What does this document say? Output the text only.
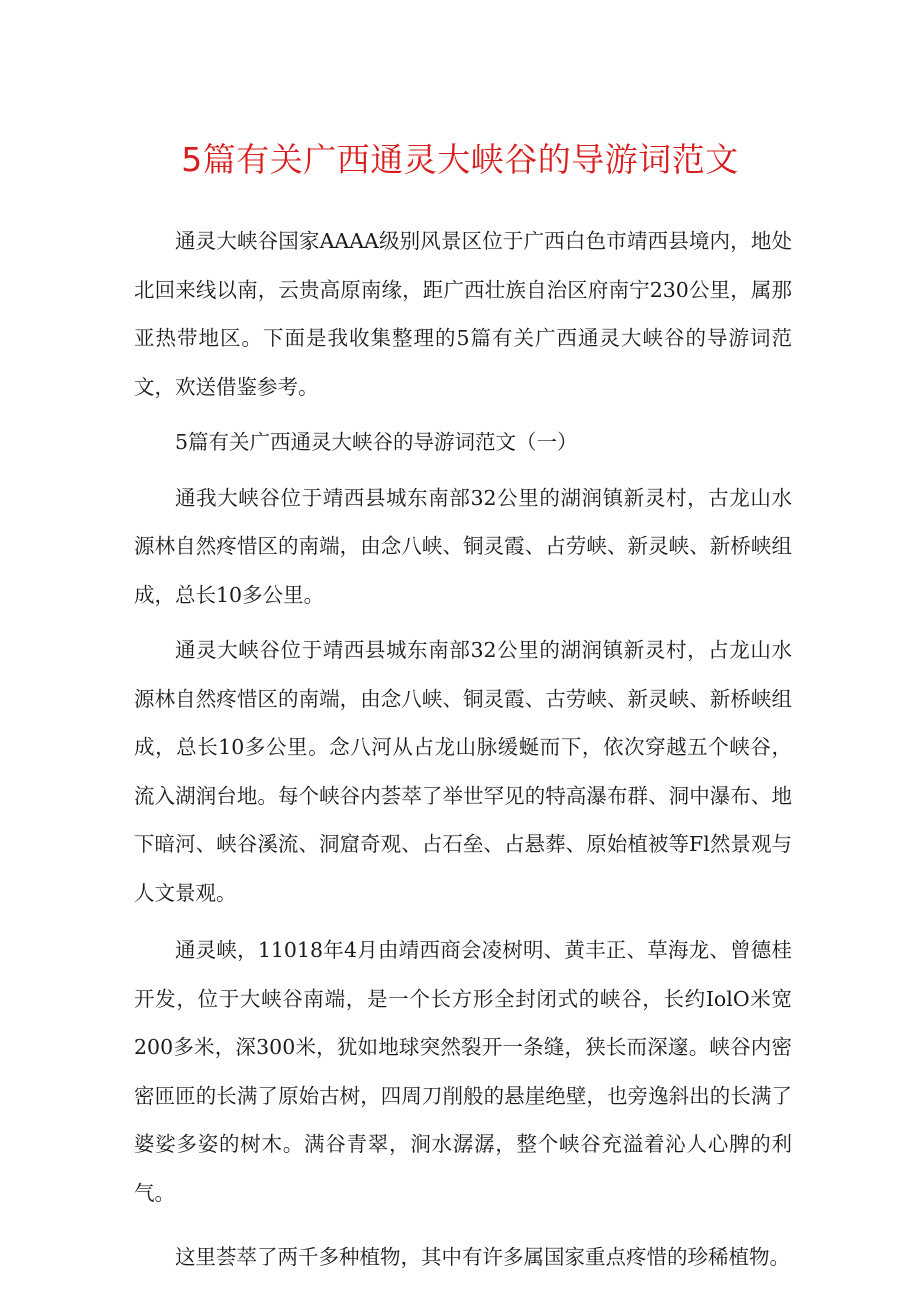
5篇有关广西通灵大峡谷的导游词范文

通灵大峡谷国家AAAA级别风景区位于广西白色市靖西县境内，地处北回来线以南，云贵高原南缘，距广西壮族自治区府南宁230公里，属那亚热带地区。下面是我收集整理的5篇有关广西通灵大峡谷的导游词范文，欢送借鉴参考。

5篇有关广西通灵大峡谷的导游词范文（一）

通我大峡谷位于靖西县城东南部32公里的湖润镇新灵村，古龙山水源林自然疼惜区的南端，由念八峡、铜灵霞、占劳峡、新灵峡、新桥峡组成，总长10多公里。

通灵大峡谷位于靖西县城东南部32公里的湖润镇新灵村，占龙山水源林自然疼惜区的南端，由念八峡、铜灵霞、古劳峡、新灵峡、新桥峡组成，总长10多公里。念八河从占龙山脉缓蜒而下，依次穿越五个峡谷，流入湖润台地。每个峡谷内荟萃了举世罕见的特高瀑布群、洞中瀑布、地下暗河、峡谷溪流、洞窟奇观、占石垒、占悬葬、原始植被等Fl然景观与人文景观。

通灵峡，11018年4月由靖西商会凌树明、黄丰正、草海龙、曾德桂开发，位于大峡谷南端，是一个长方形全封闭式的峡谷，长约IolO米宽200多米，深300米，犹如地球突然裂开一条缝，狭长而深邃。峡谷内密密匝匝的长满了原始古树，四周刀削般的悬崖绝壁，也旁逸斜出的长满了婆娑多姿的树木。满谷青翠，涧水潺潺，整个峡谷充溢着沁人心脾的利气。

这里荟萃了两千多种植物，其中有许多属国家重点疼惜的珍稀植物。
